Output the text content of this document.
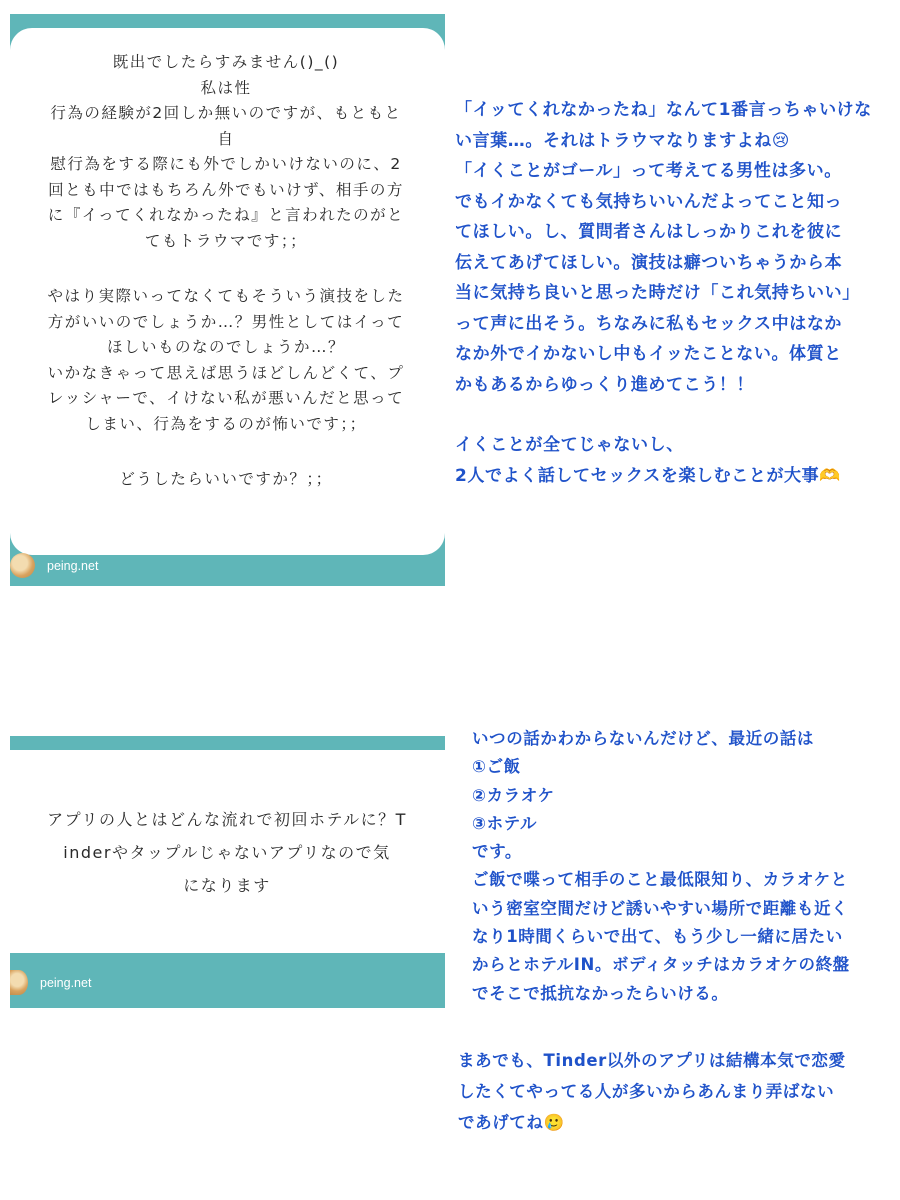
既出でしたらすみません()_()
私は性
行為の経験が2回しか無いのですが、もともと
自
慰行為をする際にも外でしかいけないのに、2
回とも中ではもちろん外でもいけず、相手の方
に『イってくれなかったね』と言われたのがと
てもトラウマです；；
やはり実際いってなくてもそういう演技をした
方がいいのでしょうか…？男性としてはイって
ほしいものなのでしょうか…？
いかなきゃって思えば思うほどしんどくて、プ
レッシャーで、イけない私が悪いんだと思って
しまい、行為をするのが怖いです；；
どうしたらいいですか？；；
peing.net
「イッてくれなかったね」なんて1番言っちゃいけな
い言葉…。それはトラウマなりますよね😢
「イくことがゴール」って考えてる男性は多い。
でもイかなくても気持ちいいんだよってこと知っ
てほしい。し、質問者さんはしっかりこれを彼に
伝えてあげてほしい。演技は癖ついちゃうから本
当に気持ち良いと思った時だけ「これ気持ちいい」
って声に出そう。ちなみに私もセックス中はなか
なか外でイかないし中もイッたことない。体質と
かもあるからゆっくり進めてこう！！
イくことが全てじゃないし、
2人でよく話してセックスを楽しむことが大事🫶
アプリの人とはどんな流れで初回ホテルに？T
inderやタップルじゃないアプリなので気
になります
peing.net
いつの話かわからないんだけど、最近の話は
①ご飯
②カラオケ
③ホテル
です。
ご飯で喋って相手のこと最低限知り、カラオケと
いう密室空間だけど誘いやすい場所で距離も近く
なり1時間くらいで出て、もう少し一緒に居たい
からとホテルIN。ボディタッチはカラオケの終盤
でそこで抵抗なかったらいける。
まあでも、Tinder以外のアプリは結構本気で恋愛
したくてやってる人が多いからあんまり弄ばない
であげてね🥲
